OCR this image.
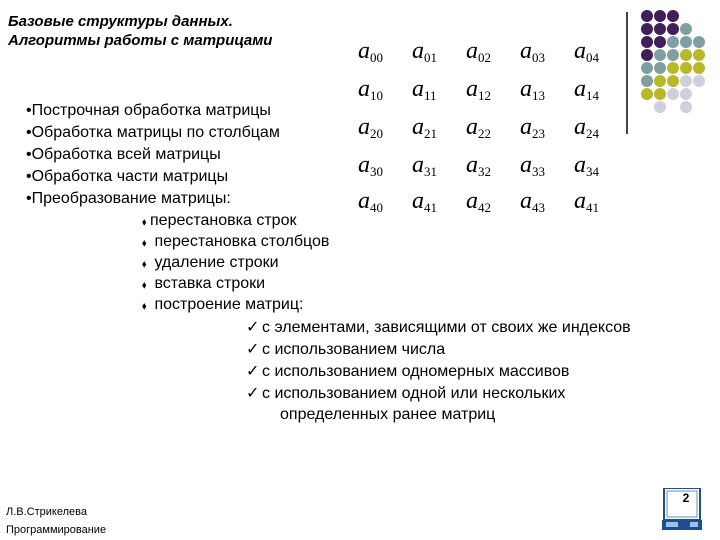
Базовые структуры данных.
Алгоритмы работы с матрицами	$a_{00}$ $a_{01}$ $a_{02}$ $a_{03}$ $a_{04}$
$a_{10}$ $a_{11}$ $a_{12}$ $a_{13}$ $a_{14}$
$a_{20}$ $a_{21}$ $a_{22}$ $a_{23}$ $a_{24}$
$a_{30}$ $a_{31}$ $a_{32}$ $a_{33}$ $a_{34}$
$a_{40}$ $a_{41}$ $a_{42}$ $a_{43}$ $a_{41}$
•Построчная обработка матрицы
•Обработка матрицы по столбцам
•Обработка всей матрицы
•Обработка части матрицы
•Преобразование матрицы:
⬧ перестановка строк
⬧ перестановка столбцов
⬧ удаление строки
⬧ вставка строки
⬧ построение матриц:
✓ с элементами, зависящими от своих же индексов
✓ с использованием числа
✓ с использованием одномерных массивов
✓ с использованием одной или нескольких
определенных ранее матриц
Л.В.Стрикелева
Программирование
2
